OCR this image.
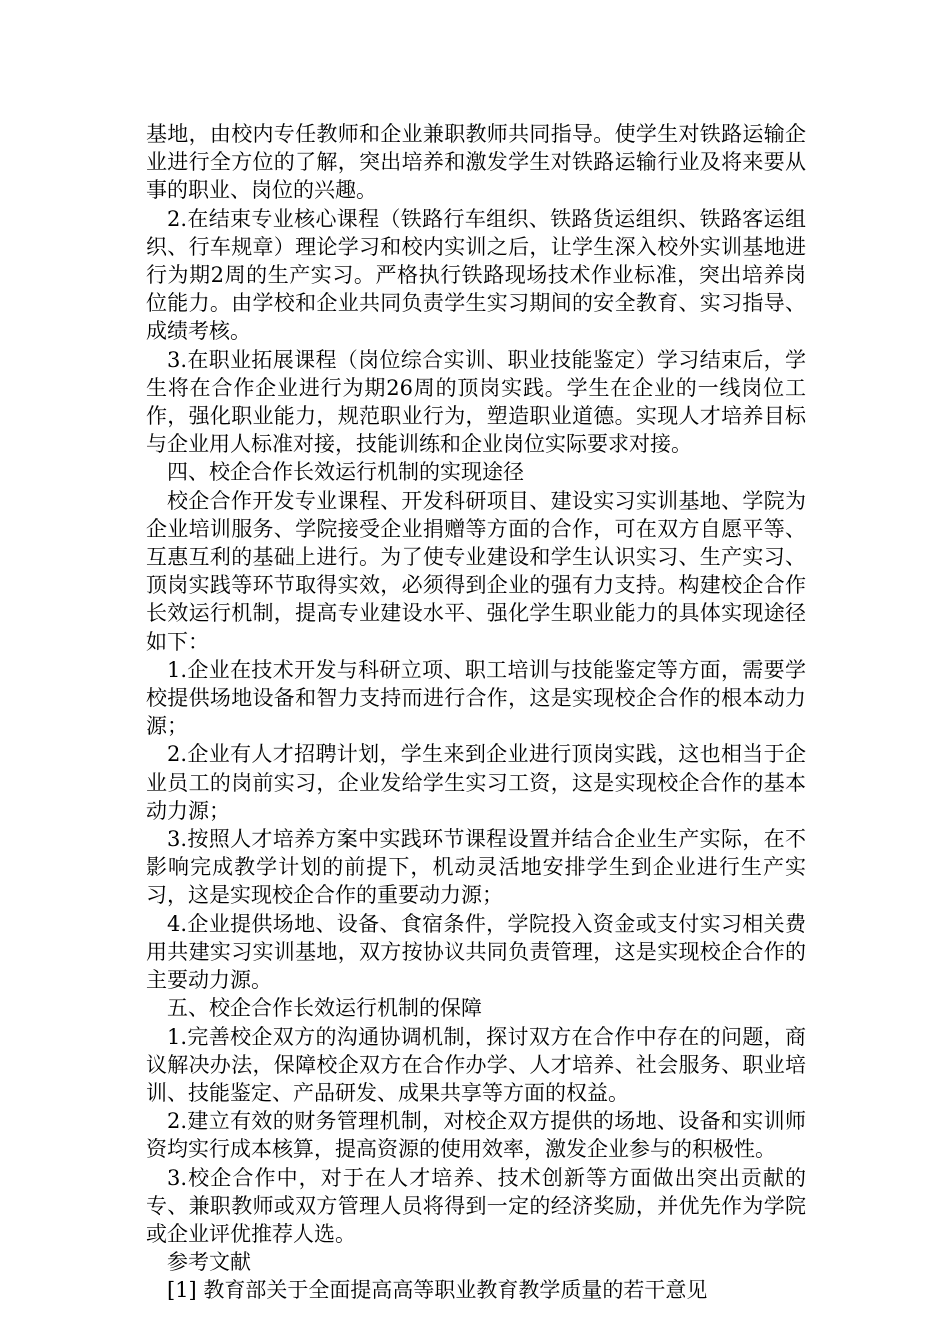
基地，由校内专任教师和企业兼职教师共同指导。使学生对铁路运输企业进行全方位的了解，突出培养和激发学生对铁路运输行业及将来要从事的职业、岗位的兴趣。

2.在结束专业核心课程（铁路行车组织、铁路货运组织、铁路客运组织、行车规章）理论学习和校内实训之后，让学生深入校外实训基地进行为期2周的生产实习。严格执行铁路现场技术作业标准，突出培养岗位能力。由学校和企业共同负责学生实习期间的安全教育、实习指导、成绩考核。

3.在职业拓展课程（岗位综合实训、职业技能鉴定）学习结束后，学生将在合作企业进行为期26周的顶岗实践。学生在企业的一线岗位工作，强化职业能力，规范职业行为，塑造职业道德。实现人才培养目标与企业用人标准对接，技能训练和企业岗位实际要求对接。

四、校企合作长效运行机制的实现途径

校企合作开发专业课程、开发科研项目、建设实习实训基地、学院为企业培训服务、学院接受企业捐赠等方面的合作，可在双方自愿平等、互惠互利的基础上进行。为了使专业建设和学生认识实习、生产实习、顶岗实践等环节取得实效，必须得到企业的强有力支持。构建校企合作长效运行机制，提高专业建设水平、强化学生职业能力的具体实现途径如下：

1.企业在技术开发与科研立项、职工培训与技能鉴定等方面，需要学校提供场地设备和智力支持而进行合作，这是实现校企合作的根本动力源；

2.企业有人才招聘计划，学生来到企业进行顶岗实践，这也相当于企业员工的岗前实习，企业发给学生实习工资，这是实现校企合作的基本动力源；

3.按照人才培养方案中实践环节课程设置并结合企业生产实际，在不影响完成教学计划的前提下，机动灵活地安排学生到企业进行生产实习，这是实现校企合作的重要动力源；

4.企业提供场地、设备、食宿条件，学院投入资金或支付实习相关费用共建实习实训基地，双方按协议共同负责管理，这是实现校企合作的主要动力源。

五、校企合作长效运行机制的保障

1.完善校企双方的沟通协调机制，探讨双方在合作中存在的问题，商议解决办法，保障校企双方在合作办学、人才培养、社会服务、职业培训、技能鉴定、产品研发、成果共享等方面的权益。

2.建立有效的财务管理机制，对校企双方提供的场地、设备和实训师资均实行成本核算，提高资源的使用效率，激发企业参与的积极性。

3.校企合作中，对于在人才培养、技术创新等方面做出突出贡献的专、兼职教师或双方管理人员将得到一定的经济奖励，并优先作为学院或企业评优推荐人选。

参考文献

[1] 教育部关于全面提高高等职业教育教学质量的若干意见
